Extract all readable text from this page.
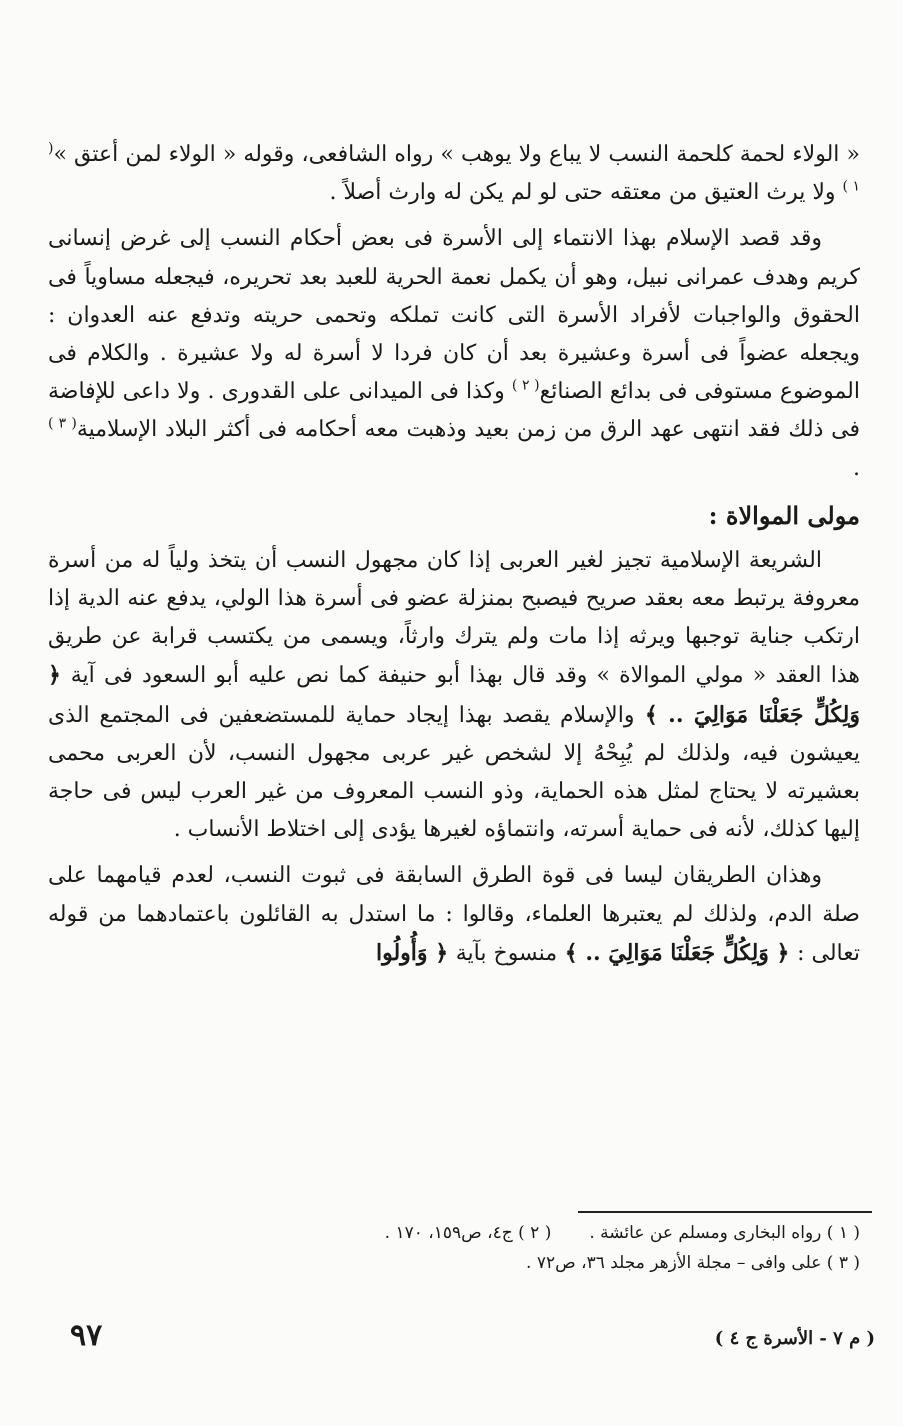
« الولاء لحمة كلحمة النسب لا يباع ولا يوهب » رواه الشافعى، وقوله « الولاء لمن أعتق »$^{( ١ )}$ ولا يرث العتيق من معتقه حتى لو لم يكن له وارث أصلاً .

وقد قصد الإسلام بهذا الانتماء إلى الأسرة فى بعض أحكام النسب إلى غرض إنسانى كريم وهدف عمرانى نبيل، وهو أن يكمل نعمة الحرية للعبد بعد تحريره، فيجعله مساوياً فى الحقوق والواجبات لأفراد الأسرة التى كانت تملكه وتحمى حريته وتدفع عنه العدوان : ويجعله عضواً فى أسرة وعشيرة بعد أن كان فردا لا أسرة له ولا عشيرة . والكلام فى الموضوع مستوفى فى بدائع الصنائع$^{( ٢ )}$ وكذا فى الميدانى على القدورى . ولا داعى للإفاضة فى ذلك فقد انتهى عهد الرق من زمن بعيد وذهبت معه أحكامه فى أكثر البلاد الإسلامية$^{( ٣ )}$ .

مولى الموالاة :

الشريعة الإسلامية تجيز لغير العربى إذا كان مجهول النسب أن يتخذ ولياً له من أسرة معروفة يرتبط معه بعقد صريح فيصبح بمنزلة عضو فى أسرة هذا الولي، يدفع عنه الدية إذا ارتكب جناية توجبها ويرثه إذا مات ولم يترك وارثاً، ويسمى من يكتسب قرابة عن طريق هذا العقد « مولي الموالاة » وقد قال بهذا أبو حنيفة كما نص عليه أبو السعود فى آية ﴿ وَلِكُلٍّ جَعَلْنَا مَوَالِيَ .. ﴾ والإسلام يقصد بهذا إيجاد حماية للمستضعفين فى المجتمع الذى يعيشون فيه، ولذلك لم يُبِحْهُ إلا لشخص غير عربى مجهول النسب، لأن العربى محمى بعشيرته لا يحتاج لمثل هذه الحماية، وذو النسب المعروف من غير العرب ليس فى حاجة إليها كذلك، لأنه فى حماية أسرته، وانتماؤه لغيرها يؤدى إلى اختلاط الأنساب .

وهذان الطريقان ليسا فى قوة الطرق السابقة فى ثبوت النسب، لعدم قيامهما على صلة الدم، ولذلك لم يعتبرها العلماء، وقالوا : ما استدل به القائلون باعتمادهما من قوله تعالى : ﴿ وَلِكُلٍّ جَعَلْنَا مَوَالِيَ .. ﴾ منسوخ بآية ﴿ وَأُولُوا

( ١ ) رواه البخارى ومسلم عن عائشة .
( ٢ ) ج٤، ص١٥٩، ١٧٠ .
( ٣ ) على وافى – مجلة الأزهر مجلد ٣٦، ص٧٢ .
٩٧	( م ٧ - الأسرة ج ٤ )
